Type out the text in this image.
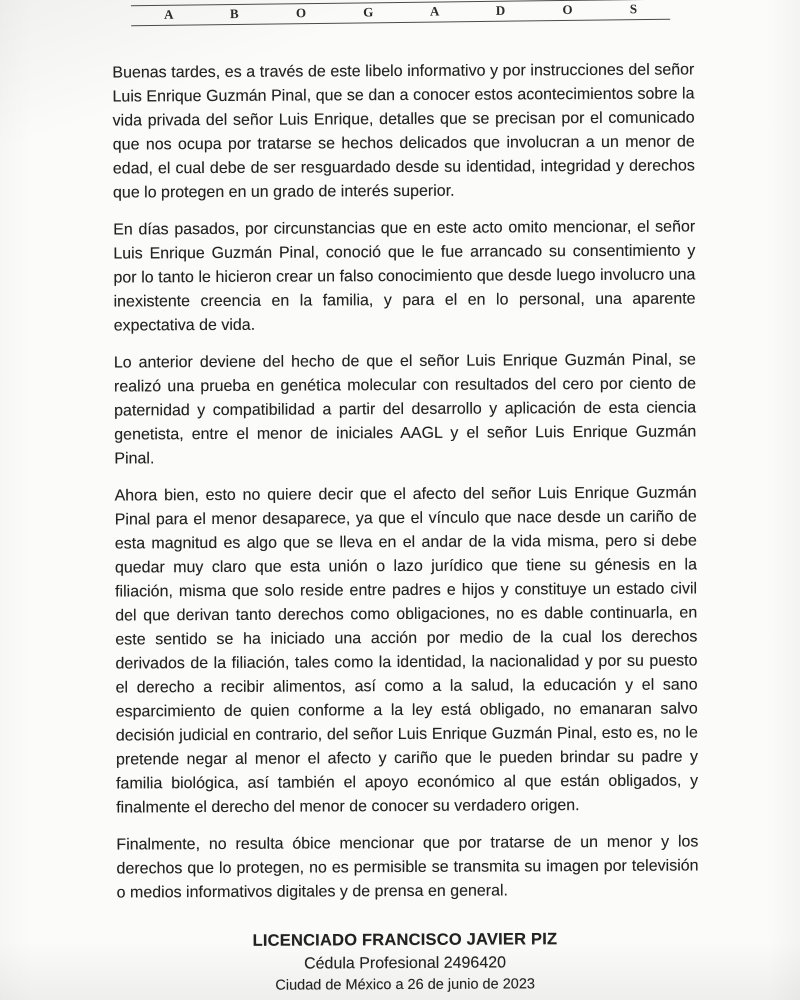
A B O G A D O S

Buenas tardes, es a través de este libelo informativo y por instrucciones del señor Luis Enrique Guzmán Pinal, que se dan a conocer estos acontecimientos sobre la vida privada del señor Luis Enrique, detalles que se precisan por el comunicado que nos ocupa por tratarse se hechos delicados que involucran a un menor de edad, el cual debe de ser resguardado desde su identidad, integridad y derechos que lo protegen en un grado de interés superior.

En días pasados, por circunstancias que en este acto omito mencionar, el señor Luis Enrique Guzmán Pinal, conoció que le fue arrancado su consentimiento y por lo tanto le hicieron crear un falso conocimiento que desde luego involucro una inexistente creencia en la familia, y para el en lo personal, una aparente expectativa de vida.

Lo anterior deviene del hecho de que el señor Luis Enrique Guzmán Pinal, se realizó una prueba en genética molecular con resultados del cero por ciento de paternidad y compatibilidad a partir del desarrollo y aplicación de esta ciencia genetista, entre el menor de iniciales AAGL y el señor Luis Enrique Guzmán Pinal.

Ahora bien, esto no quiere decir que el afecto del señor Luis Enrique Guzmán Pinal para el menor desaparece, ya que el vínculo que nace desde un cariño de esta magnitud es algo que se lleva en el andar de la vida misma, pero si debe quedar muy claro que esta unión o lazo jurídico que tiene su génesis en la filiación, misma que solo reside entre padres e hijos y constituye un estado civil del que derivan tanto derechos como obligaciones, no es dable continuarla, en este sentido se ha iniciado una acción por medio de la cual los derechos derivados de la filiación, tales como la identidad, la nacionalidad y por su puesto el derecho a recibir alimentos, así como a la salud, la educación y el sano esparcimiento de quien conforme a la ley está obligado, no emanaran salvo decisión judicial en contrario, del señor Luis Enrique Guzmán Pinal, esto es, no le pretende negar al menor el afecto y cariño que le pueden brindar su padre y familia biológica, así también el apoyo económico al que están obligados, y finalmente el derecho del menor de conocer su verdadero origen.

Finalmente, no resulta óbice mencionar que por tratarse de un menor y los derechos que lo protegen, no es permisible se transmita su imagen por televisión o medios informativos digitales y de prensa en general.

LICENCIADO FRANCISCO JAVIER PIZ
Cédula Profesional 2496420
Ciudad de México a 26 de junio de 2023
